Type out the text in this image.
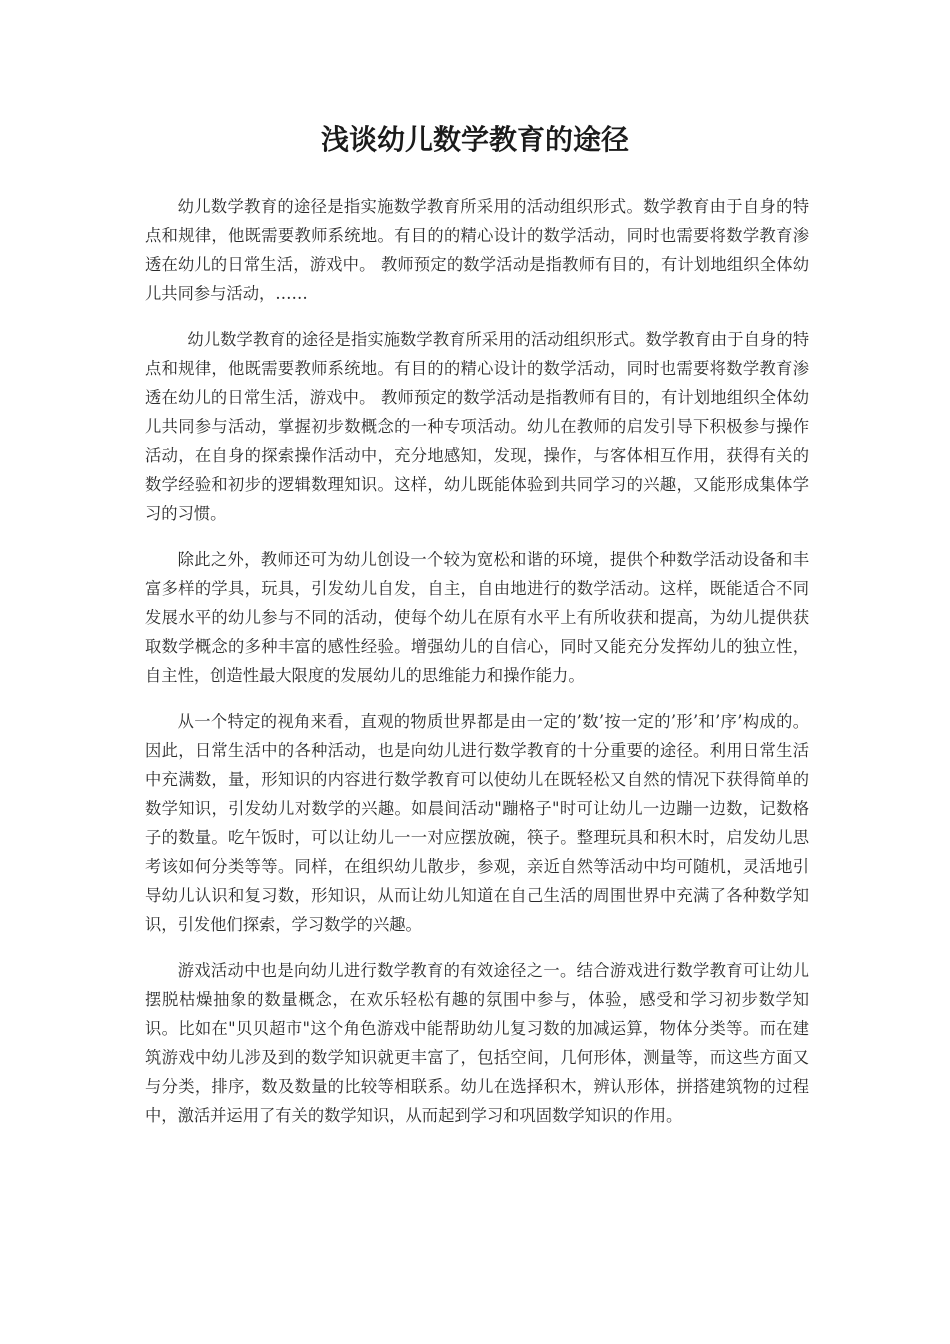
浅谈幼儿数学教育的途径

幼儿数学教育的途径是指实施数学教育所采用的活动组织形式。数学教育由于自身的特点和规律，他既需要教师系统地。有目的的精心设计的数学活动，同时也需要将数学教育渗透在幼儿的日常生活，游戏中。 教师预定的数学活动是指教师有目的，有计划地组织全体幼儿共同参与活动，……

幼儿数学教育的途径是指实施数学教育所采用的活动组织形式。数学教育由于自身的特点和规律，他既需要教师系统地。有目的的精心设计的数学活动，同时也需要将数学教育渗透在幼儿的日常生活，游戏中。 教师预定的数学活动是指教师有目的，有计划地组织全体幼儿共同参与活动，掌握初步数概念的一种专项活动。幼儿在教师的启发引导下积极参与操作活动，在自身的探索操作活动中，充分地感知，发现，操作，与客体相互作用，获得有关的数学经验和初步的逻辑数理知识。这样，幼儿既能体验到共同学习的兴趣，又能形成集体学习的习惯。

除此之外，教师还可为幼儿创设一个较为宽松和谐的环境，提供个种数学活动设备和丰富多样的学具，玩具，引发幼儿自发，自主，自由地进行的数学活动。这样，既能适合不同发展水平的幼儿参与不同的活动，使每个幼儿在原有水平上有所收获和提高，为幼儿提供获取数学概念的多种丰富的感性经验。增强幼儿的自信心，同时又能充分发挥幼儿的独立性，自主性，创造性最大限度的发展幼儿的思维能力和操作能力。

从一个特定的视角来看，直观的物质世界都是由一定的’数’按一定的’形’和’序’构成的。因此，日常生活中的各种活动，也是向幼儿进行数学教育的十分重要的途径。利用日常生活中充满数，量，形知识的内容进行数学教育可以使幼儿在既轻松又自然的情况下获得简单的数学知识，引发幼儿对数学的兴趣。如晨间活动"蹦格子"时可让幼儿一边蹦一边数，记数格子的数量。吃午饭时，可以让幼儿一一对应摆放碗，筷子。整理玩具和积木时，启发幼儿思考该如何分类等等。同样，在组织幼儿散步，参观，亲近自然等活动中均可随机，灵活地引导幼儿认识和复习数，形知识，从而让幼儿知道在自己生活的周围世界中充满了各种数学知识，引发他们探索，学习数学的兴趣。

游戏活动中也是向幼儿进行数学教育的有效途径之一。结合游戏进行数学教育可让幼儿摆脱枯燥抽象的数量概念，在欢乐轻松有趣的氛围中参与，体验，感受和学习初步数学知识。比如在"贝贝超市"这个角色游戏中能帮助幼儿复习数的加减运算，物体分类等。而在建筑游戏中幼儿涉及到的数学知识就更丰富了，包括空间，几何形体，测量等，而这些方面又与分类，排序，数及数量的比较等相联系。幼儿在选择积木，辨认形体，拼搭建筑物的过程中，激活并运用了有关的数学知识，从而起到学习和巩固数学知识的作用。
